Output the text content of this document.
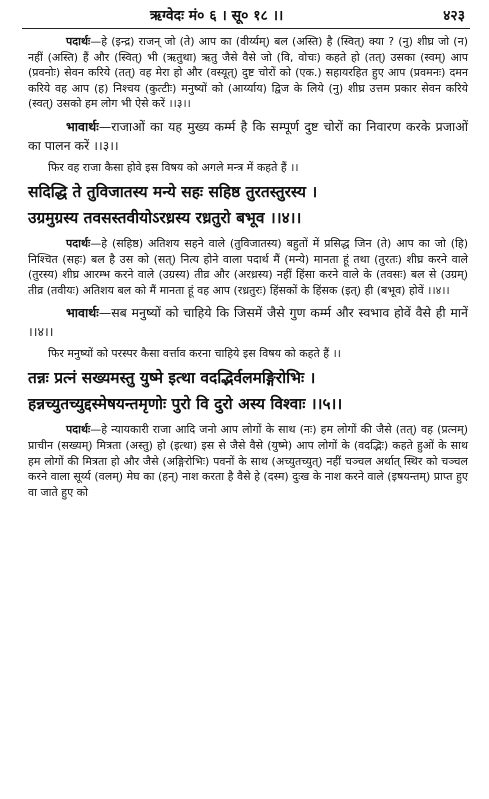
ऋग्वेदः मं० ६ । सू० १८ ।।	४२३

पदार्थः—हे (इन्द्र) राजन् जो (ते) आप का (वीर्य्यम्) बल (अस्ति) है (स्वित्) क्या ? (नु) शीघ्र जो (न) नहीं (अस्ति) हैं और (स्वित्) भी (ऋतुथा) ऋतु जैसे वैसे जो (वि, वोचः) कहते हो (तत्) उसका (स्वम्) आप (प्रवनोः) सेवन करिये (तत्) वह मेरा हो और (वस्यूत्) दुष्ट चोरों को (एक.) सहायरहित हुए आप (प्रवमनः) दमन करिये वह आप (ह) निश्चय (कुत्टीः) मनुष्यों को (आर्य्याय) द्विज के लिये (नु) शीघ्र उत्तम प्रकार सेवन करिये (स्वत्) उसको हम लोग भी ऐसे करें ।।३।।

भावार्थः—राजाओं का यह मुख्य कर्म्म है कि सम्पूर्ण दुष्ट चोरों का निवारण करके प्रजाओं का पालन करें ।।३।।

फिर वह राजा कैसा होवे इस विषय को अगले मन्त्र में कहते हैं ।।

सदिद्धि ते तुविजातस्य मन्ये सहः सहिष्ठ तुरतस्तुरस्य ।

उग्रमुग्रस्य तवसस्तवीयोऽरध्रस्य रध्रतुरो बभूव ।।४।।

पदार्थः—हे (सहिष्ठ) अतिशय सहने वाले (तुविजातस्य) बहुतों में प्रसिद्ध जिन (ते) आप का जो (हि) निश्चित (सहः) बल है उस को (सत्) नित्य होने वाला पदार्थ मैं (मन्ये) मानता हूं तथा (तुरतः) शीघ्र करने वाले (तुरस्य) शीघ्र आरम्भ करने वाले (उग्रस्य) तीव्र और (अरध्रस्य) नहीं हिंसा करने वाले के (तवसः) बल से (उग्रम्) तीव्र (तवीयः) अतिशय बल को मैं मानता हूं वह आप (रध्रतुरः) हिंसकों के हिंसक (इत्) ही (बभूव) होवें ।।४।।

भावार्थः—सब मनुष्यों को चाहिये कि जिसमें जैसे गुण कर्म्म और स्वभाव होवें वैसे ही मानें ।।४।।

फिर मनुष्यों को परस्पर कैसा वर्त्ताव करना चाहिये इस विषय को कहते हैं ।।

तन्नः प्रत्नं सख्यमस्तु युष्मे इत्था वदद्भिर्वलमङ्गिरोभिः ।

हन्नच्युतच्युद्दस्मेषयन्तमृणोः पुरो वि दुरो अस्य विश्वाः ।।५।।

पदार्थः—हे न्यायकारी राजा आदि जनो आप लोगों के साथ (नः) हम लोगों की जैसे (तत्) वह (प्रत्नम्) प्राचीन (सख्यम्) मित्रता (अस्तु) हो (इत्था) इस से जैसे वैसे (युष्मे) आप लोगों के (वदद्भिः) कहते हुओं के साथ हम लोगों की मित्रता हो और जैसे (अङ्गिरोभिः) पवनों के साथ (अच्युतच्युत्) नहीं चञ्चल अर्थात् स्थिर को चञ्चल करने वाला सूर्य्य (वलम्) मेघ का (हन्) नाश करता है वैसे हे (दस्म) दुःख के नाश करने वाले (इषयन्तम्) प्राप्त हुए वा जाते हुए को
